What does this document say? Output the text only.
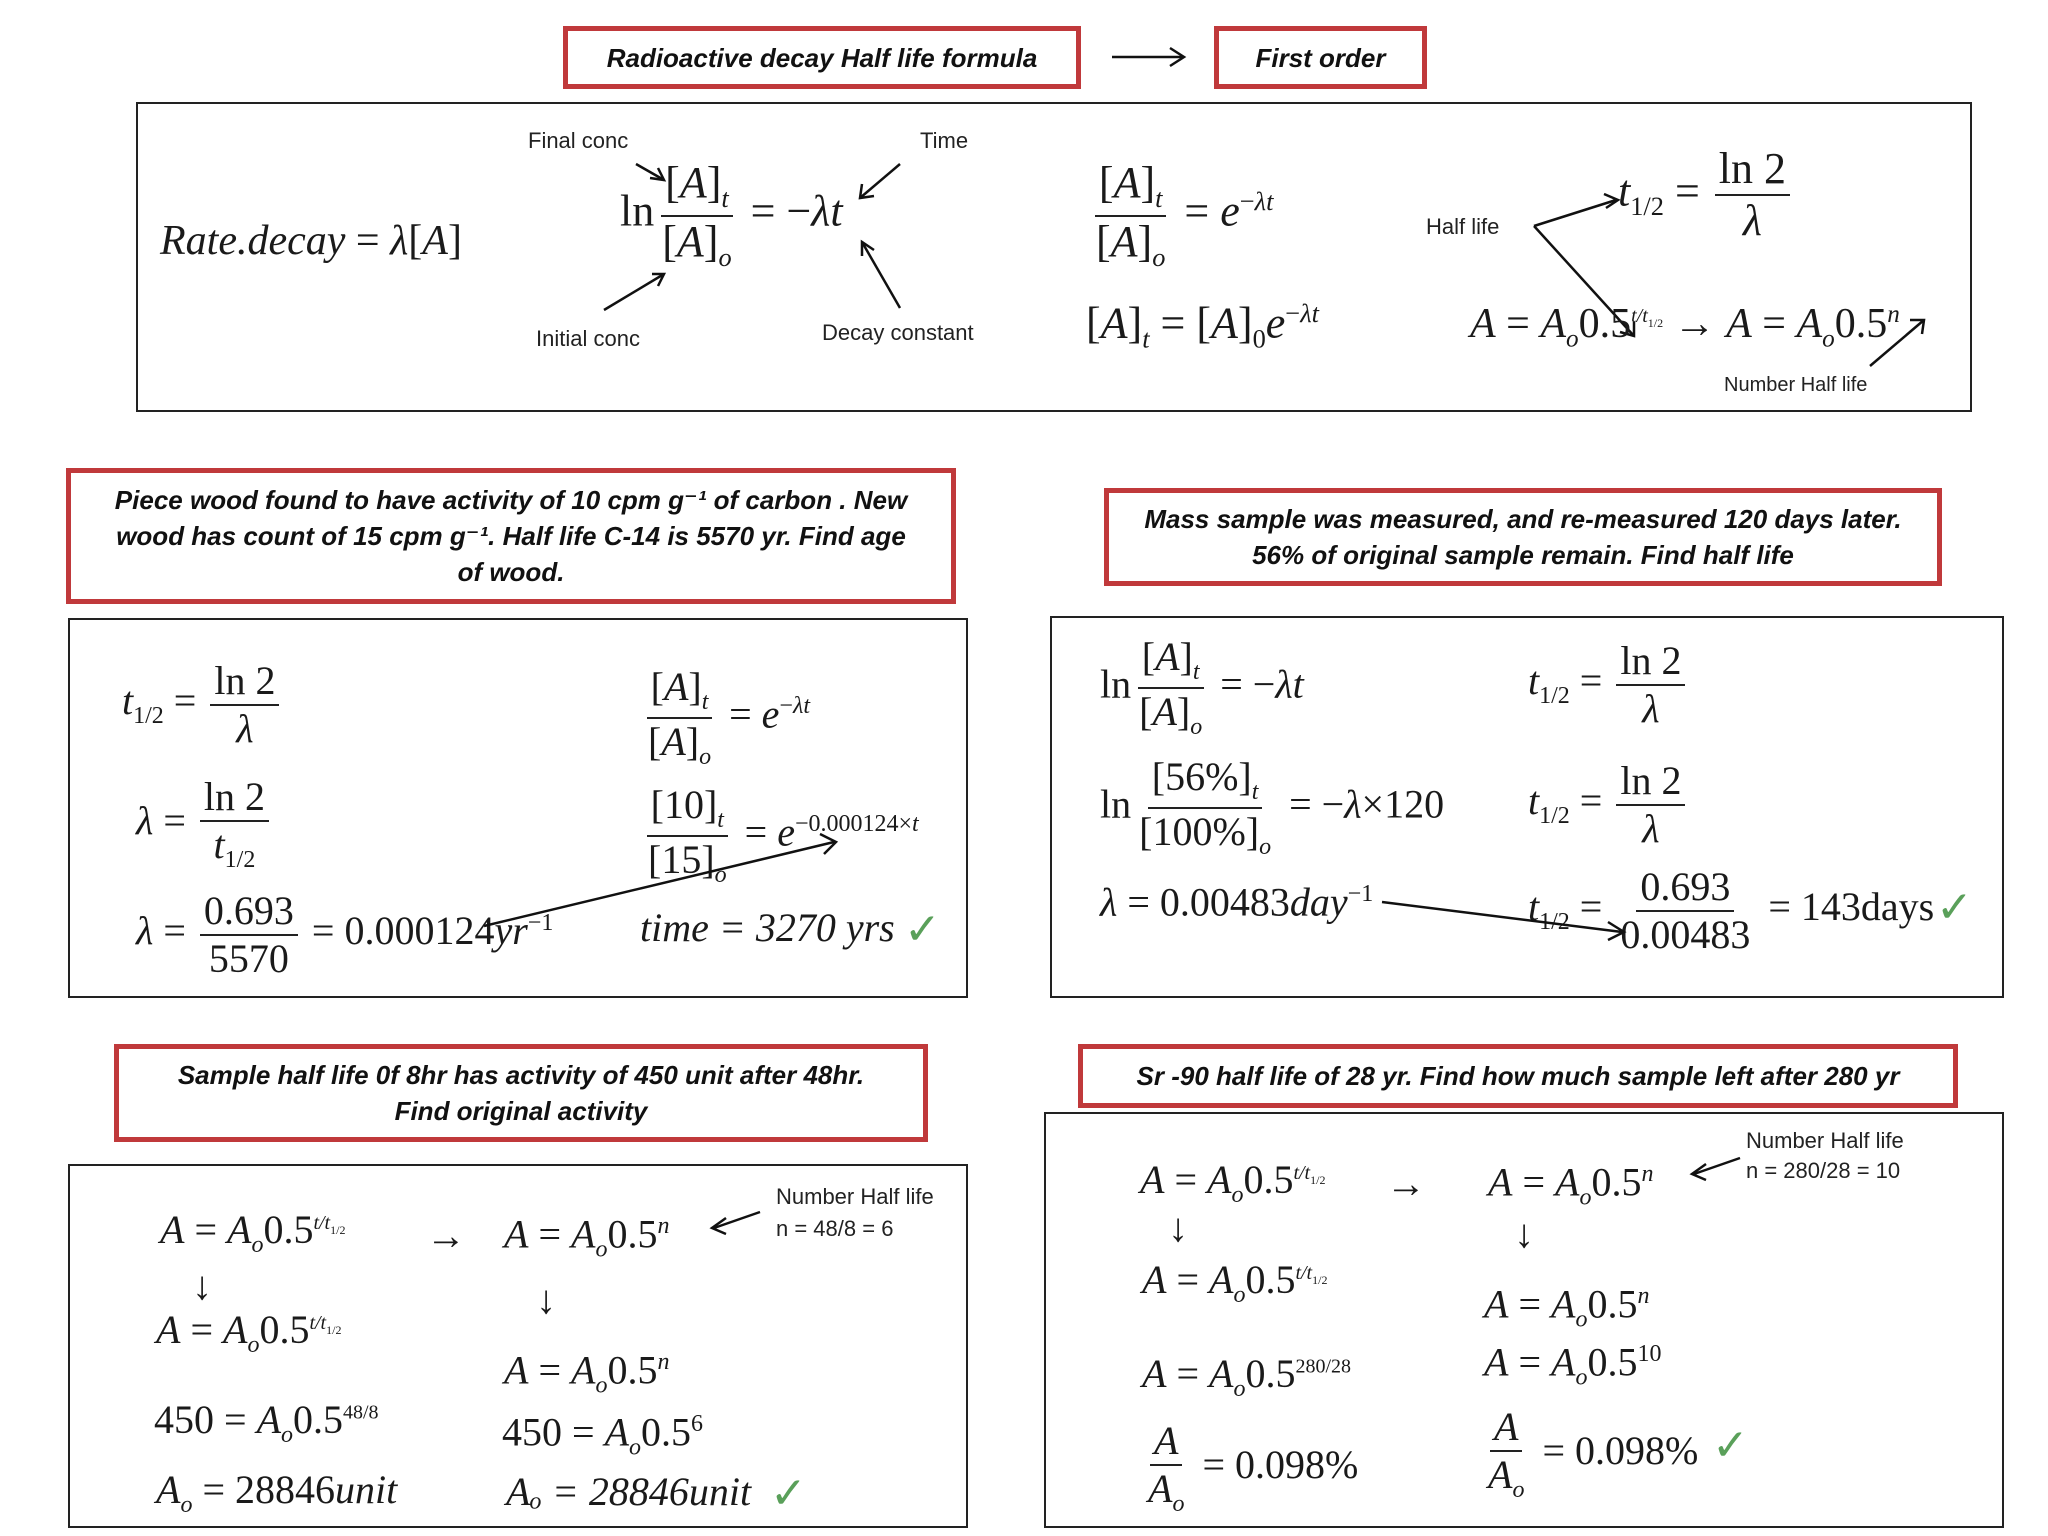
Radioactive decay Half life formula	First order
Rate.decay = λ[A]
Final conc	Time
Initial conc	Decay constant
$\ln \frac{[A]_t}{[A]_o} = -\lambda t$	$\frac{[A]_t}{[A]_o} = e^{-\lambda t}$
$[A]_t = [A]_0e^{-\lambda t}$
Half life
$t_{1/2} = \frac{\ln 2}{\lambda}$
$A = A_o0.5^{t/t_{1/2}} \to A = A_o0.5^n$
Number Half life
Piece wood found to have activity of 10 cpm g⁻¹ of carbon . New wood has count of 15 cpm g⁻¹. Half life C-14 is 5570 yr. Find age of wood.
$t_{1/2} = \frac{\ln 2}{\lambda}$
$\lambda = \frac{\ln 2}{t_{1/2}}$
$\lambda = \frac{0.693}{5570} = 0.000124yr^{-1}$
$\frac{[A]_t}{[A]_o} = e^{-\lambda t}$
$\frac{[10]_t}{[15]_o} = e^{-0.000124\times t}$
time = 3270 yrs ✓
Mass sample was measured, and re-measured 120 days later. 56% of original sample remain. Find half life
$\ln \frac{[A]_t}{[A]_o} = -\lambda t$
$\ln \frac{[56\%]_t}{[100\%]_o} = -\lambda\times 120$
λ = 0.00483day$^{-1}$
$t_{1/2} = \frac{\ln 2}{\lambda}$
$t_{1/2} = \frac{\ln 2}{\lambda}$
$t_{1/2} = \frac{0.693}{0.00483}$ = 143days ✓
Sample half life 0f 8hr has activity of 450 unit after 48hr. Find original activity
$A = A_o0.5^{t/t_{1/2}}$
↓
$A = A_o0.5^{t/t_{1/2}}$
$450 = A_o0.5^{48/8}$
$A_o$ = 28846unit
→ $A = A_o0.5^n$
Number Half life
n = 48/8 = 6
↓
$A = A_o0.5^n$
$450 = A_o0.5^6$
Aₒ = 28846unit ✓
Sr -90 half life of 28 yr. Find how much sample left after 280 yr
$A = A_o0.5^{t/t_{1/2}}$
↓
$A = A_o0.5^{t/t_{1/2}}$
$A = A_o0.5^{280/28}$
$\frac{A}{A_o} = 0.098\%$
→ $A = A_o0.5^n$
Number Half life
n = 280/28 = 10
↓
$A = A_o0.5^n$
$A = A_o0.5^{10}$
$\frac{A}{A_o} = 0.098\%$ ✓
